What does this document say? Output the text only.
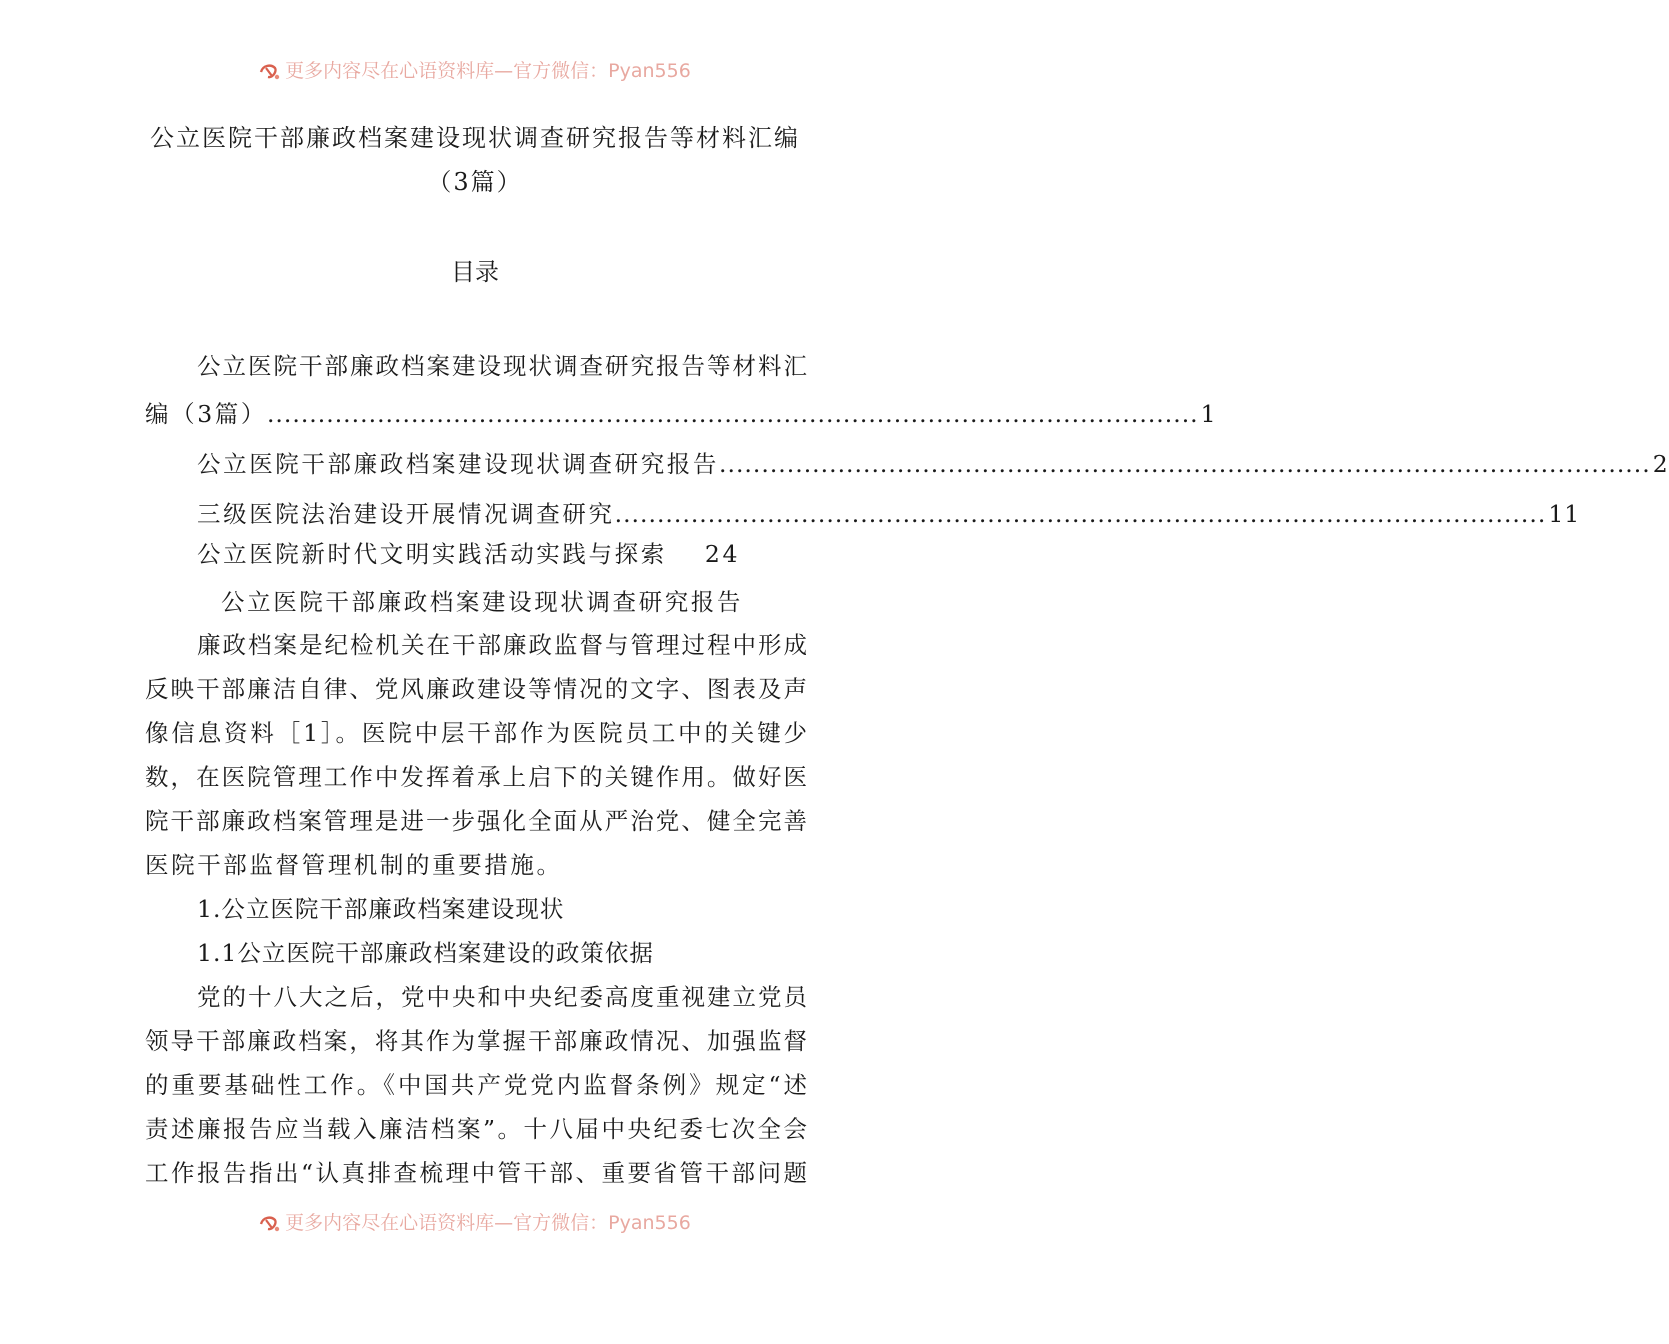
更多内容尽在心语资料库—官方微信：Pyan556
公立医院干部廉政档案建设现状调查研究报告等材料汇编
（3篇）
目录
公立医院干部廉政档案建设现状调查研究报告等材料汇
编（3篇） .............................................................................................................. 1
公立医院干部廉政档案建设现状调查研究报告 .............................................................................................................. 2
三级医院法治建设开展情况调查研究 .............................................................................................................. 11
公立医院新时代文明实践活动实践与探索 24
公立医院干部廉政档案建设现状调查研究报告
廉政档案是纪检机关在干部廉政监督与管理过程中形成
反映干部廉洁自律、党风廉政建设等情况的文字、图表及声
像信息资料［1］。医院中层干部作为医院员工中的关键少
数，在医院管理工作中发挥着承上启下的关键作用。做好医
院干部廉政档案管理是进一步强化全面从严治党、健全完善
医院干部监督管理机制的重要措施。
1.公立医院干部廉政档案建设现状
1.1公立医院干部廉政档案建设的政策依据
党的十八大之后，党中央和中央纪委高度重视建立党员
领导干部廉政档案，将其作为掌握干部廉政情况、加强监督
的重要基础性工作。《中国共产党党内监督条例》规定“述
责述廉报告应当载入廉洁档案”。十八届中央纪委七次全会
工作报告指出“认真排查梳理中管干部、重要省管干部问题
更多内容尽在心语资料库—官方微信：Pyan556
